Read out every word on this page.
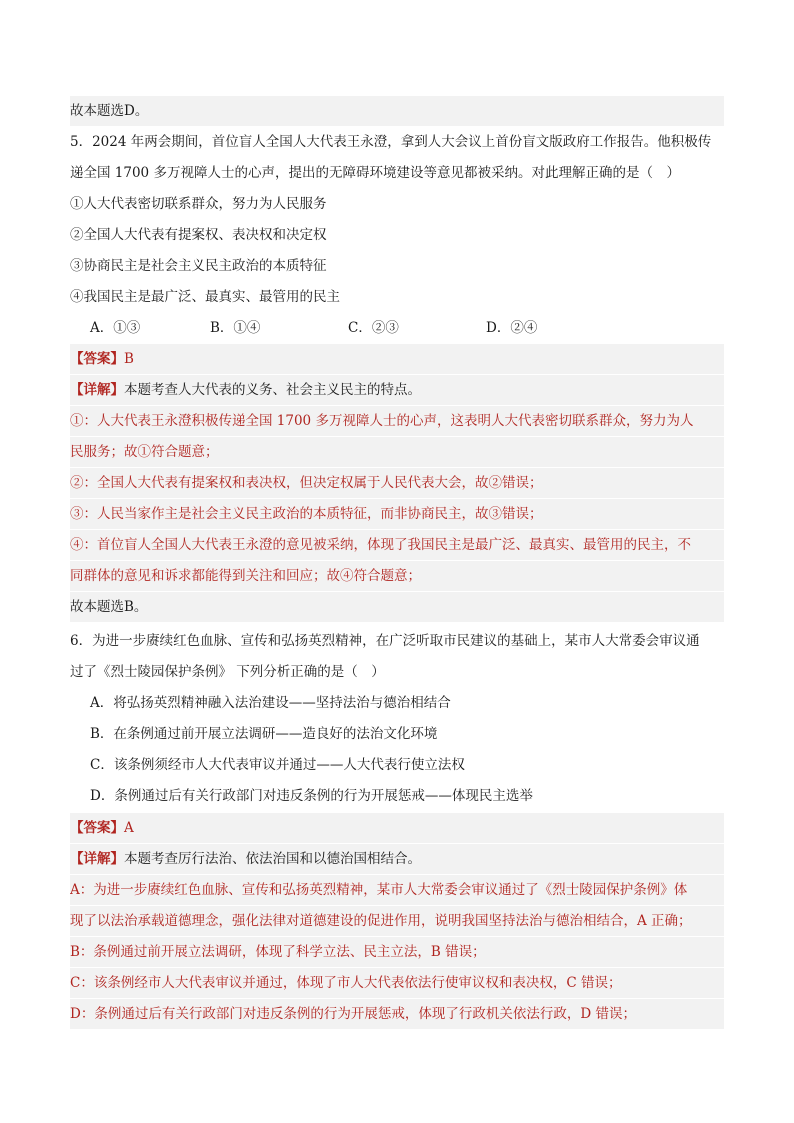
故本题选D。
5．2024 年两会期间，首位盲人全国人大代表王永澄，拿到人大会议上首份盲文版政府工作报告。他积极传
递全国 1700 多万视障人士的心声，提出的无障碍环境建设等意见都被采纳。对此理解正确的是（　）
①人大代表密切联系群众，努力为人民服务
②全国人大代表有提案权、表决权和决定权
③协商民主是社会主义民主政治的本质特征
④我国民主是最广泛、最真实、最管用的民主
A．①③	B．①④	C．②③	D．②④
【答案】B
【详解】本题考查人大代表的义务、社会主义民主的特点。
①：人大代表王永澄积极传递全国 1700 多万视障人士的心声，这表明人大代表密切联系群众，努力为人
民服务；故①符合题意；
②：全国人大代表有提案权和表决权，但决定权属于人民代表大会，故②错误；
③：人民当家作主是社会主义民主政治的本质特征，而非协商民主，故③错误；
④：首位盲人全国人大代表王永澄的意见被采纳，体现了我国民主是最广泛、最真实、最管用的民主，不
同群体的意见和诉求都能得到关注和回应；故④符合题意；
故本题选B。
6．为进一步赓续红色血脉、宣传和弘扬英烈精神，在广泛听取市民建议的基础上，某市人大常委会审议通
过了《烈士陵园保护条例》 下列分析正确的是（　）
A．将弘扬英烈精神融入法治建设——坚持法治与德治相结合
B．在条例通过前开展立法调研——造良好的法治文化环境
C．该条例须经市人大代表审议并通过——人大代表行使立法权
D．条例通过后有关行政部门对违反条例的行为开展惩戒——体现民主选举
【答案】A
【详解】本题考查厉行法治、依法治国和以德治国相结合。
A：为进一步赓续红色血脉、宣传和弘扬英烈精神，某市人大常委会审议通过了《烈士陵园保护条例》体
现了以法治承载道德理念，强化法律对道德建设的促进作用，说明我国坚持法治与德治相结合，A 正确；
B：条例通过前开展立法调研，体现了科学立法、民主立法，B 错误；
C：该条例经市人大代表审议并通过，体现了市人大代表依法行使审议权和表决权，C 错误；
D：条例通过后有关行政部门对违反条例的行为开展惩戒，体现了行政机关依法行政，D 错误；
